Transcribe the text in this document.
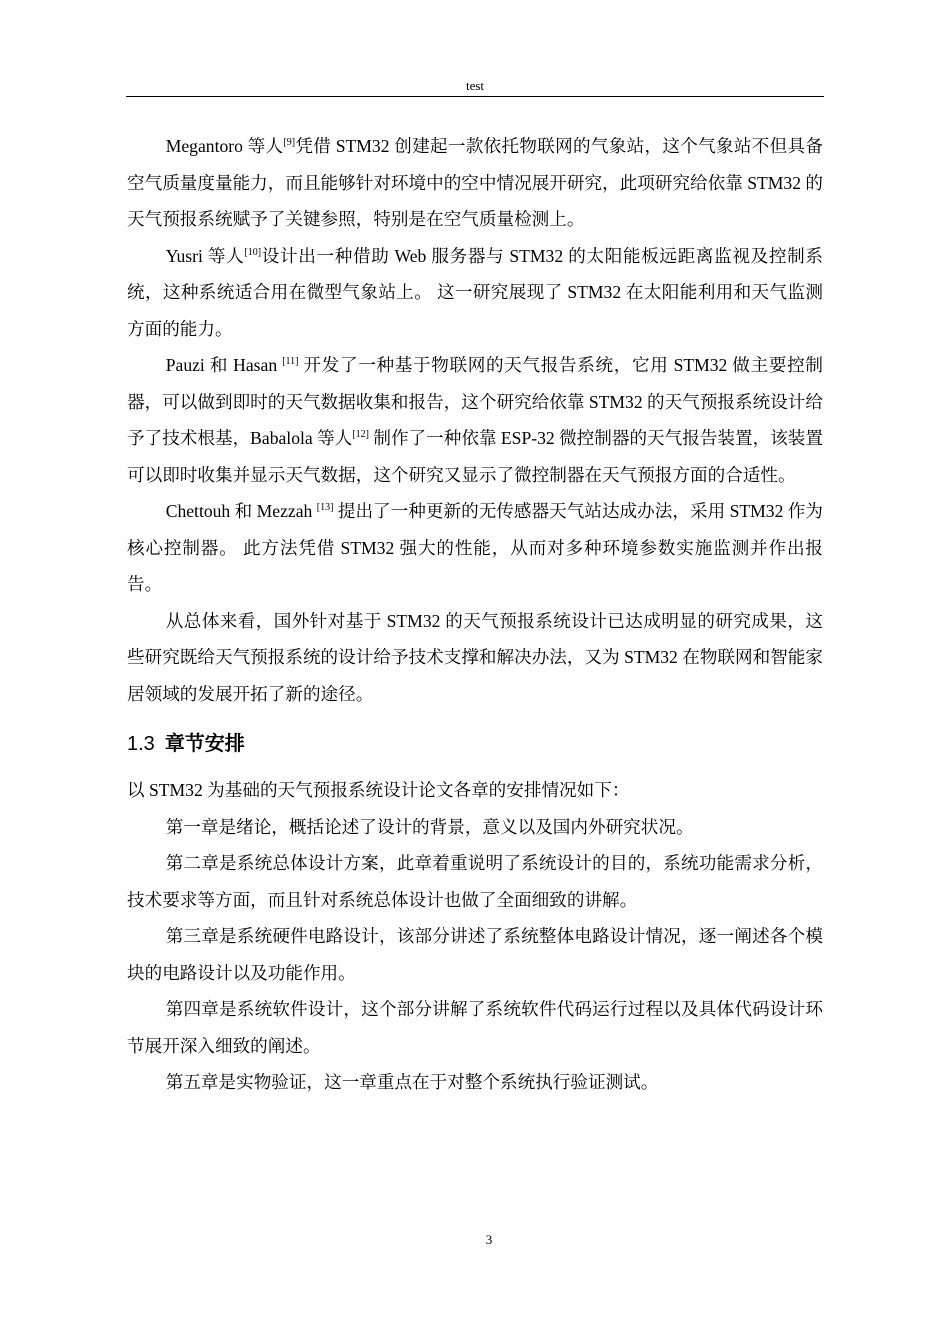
test

Megantoro 等人[9]凭借 STM32 创建起一款依托物联网的气象站，这个气象站不但具备空气质量度量能力，而且能够针对环境中的空中情况展开研究，此项研究给依靠 STM32 的天气预报系统赋予了关键参照，特别是在空气质量检测上。

Yusri 等人[10]设计出一种借助 Web 服务器与 STM32 的太阳能板远距离监视及控制系统，这种系统适合用在微型气象站上。 这一研究展现了 STM32 在太阳能利用和天气监测方面的能力。

Pauzi 和 Hasan [11] 开发了一种基于物联网的天气报告系统，它用 STM32 做主要控制器，可以做到即时的天气数据收集和报告，这个研究给依靠 STM32 的天气预报系统设计给予了技术根基，Babalola 等人[12] 制作了一种依靠 ESP-32 微控制器的天气报告装置，该装置可以即时收集并显示天气数据，这个研究又显示了微控制器在天气预报方面的合适性。

Chettouh 和 Mezzah [13] 提出了一种更新的无传感器天气站达成办法，采用 STM32 作为核心控制器。 此方法凭借 STM32 强大的性能，从而对多种环境参数实施监测并作出报告。

从总体来看，国外针对基于 STM32 的天气预报系统设计已达成明显的研究成果，这些研究既给天气预报系统的设计给予技术支撑和解决办法，又为 STM32 在物联网和智能家居领域的发展开拓了新的途径。

1.3 章节安排

以 STM32 为基础的天气预报系统设计论文各章的安排情况如下：

第一章是绪论，概括论述了设计的背景，意义以及国内外研究状况。

第二章是系统总体设计方案，此章着重说明了系统设计的目的，系统功能需求分析，技术要求等方面，而且针对系统总体设计也做了全面细致的讲解。

第三章是系统硬件电路设计，该部分讲述了系统整体电路设计情况，逐一阐述各个模块的电路设计以及功能作用。

第四章是系统软件设计，这个部分讲解了系统软件代码运行过程以及具体代码设计环节展开深入细致的阐述。

第五章是实物验证，这一章重点在于对整个系统执行验证测试。

3
